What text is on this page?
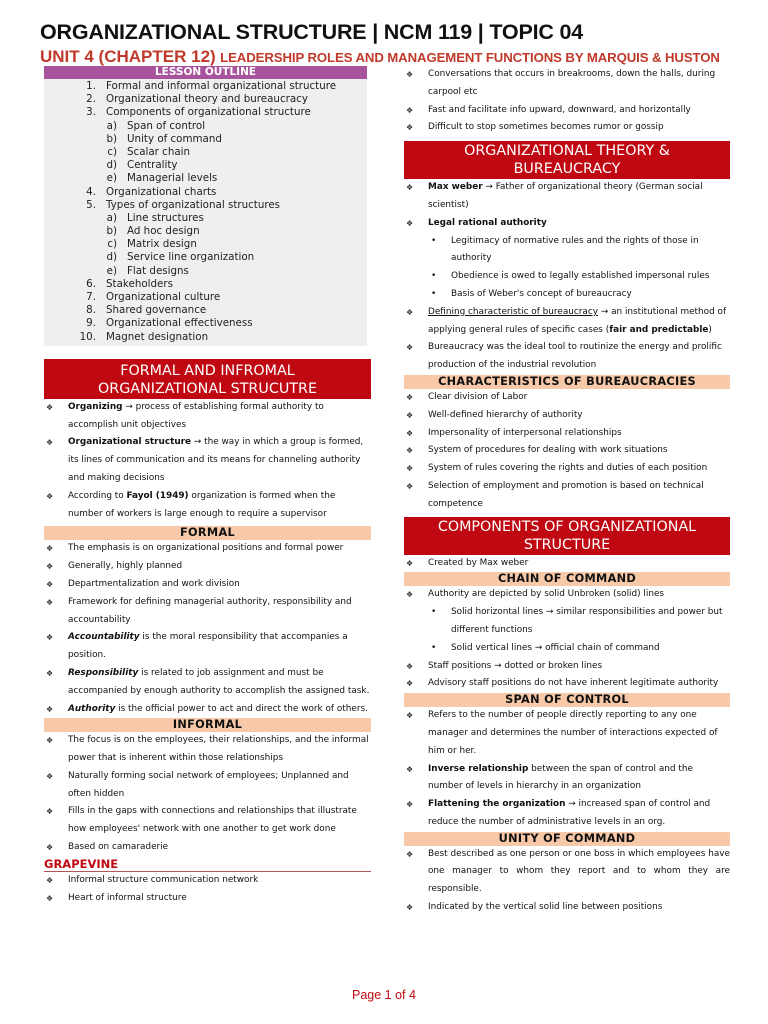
ORGANIZATIONAL STRUCTURE | NCM 119 | TOPIC 04
UNIT 4 (CHAPTER 12) LEADERSHIP ROLES AND MANAGEMENT FUNCTIONS BY MARQUIS & HUSTON
LESSON OUTLINE
1. Formal and informal organizational structure
2. Organizational theory and bureaucracy
3. Components of organizational structure
a) Span of control
b) Unity of command
c) Scalar chain
d) Centrality
e) Managerial levels
4. Organizational charts
5. Types of organizational structures
a) Line structures
b) Ad hoc design
c) Matrix design
d) Service line organization
e) Flat designs
6. Stakeholders
7. Organizational culture
8. Shared governance
9. Organizational effectiveness
10. Magnet designation
FORMAL AND INFROMAL ORGANIZATIONAL STRUCUTRE
❖ Organizing → process of establishing formal authority to accomplish unit objectives
❖ Organizational structure → the way in which a group is formed, its lines of communication and its means for channeling authority and making decisions
❖ According to Fayol (1949) organization is formed when the number of workers is large enough to require a supervisor
FORMAL
❖ The emphasis is on organizational positions and formal power
❖ Generally, highly planned
❖ Departmentalization and work division
❖ Framework for defining managerial authority, responsibility and accountability
❖ Accountability is the moral responsibility that accompanies a position.
❖ Responsibility is related to job assignment and must be accompanied by enough authority to accomplish the assigned task.
❖ Authority is the official power to act and direct the work of others.
INFORMAL
❖ The focus is on the employees, their relationships, and the informal power that is inherent within those relationships
❖ Naturally forming social network of employees; Unplanned and often hidden
❖ Fills in the gaps with connections and relationships that illustrate how employees' network with one another to get work done
❖ Based on camaraderie
GRAPEVINE
❖ Informal structure communication network
❖ Heart of informal structure
❖ Conversations that occurs in breakrooms, down the halls, during carpool etc
❖ Fast and facilitate info upward, downward, and horizontally
❖ Difficult to stop sometimes becomes rumor or gossip
ORGANIZATIONAL THEORY & BUREAUCRACY
❖ Max weber → Father of organizational theory (German social scientist)
❖ Legal rational authority
• Legitimacy of normative rules and the rights of those in authority
• Obedience is owed to legally established impersonal rules
• Basis of Weber's concept of bureaucracy
❖ Defining characteristic of bureaucracy → an institutional method of applying general rules of specific cases (fair and predictable)
❖ Bureaucracy was the ideal tool to routinize the energy and prolific production of the industrial revolution
CHARACTERISTICS OF BUREAUCRACIES
❖ Clear division of Labor
❖ Well-defined hierarchy of authority
❖ Impersonality of interpersonal relationships
❖ System of procedures for dealing with work situations
❖ System of rules covering the rights and duties of each position
❖ Selection of employment and promotion is based on technical competence
COMPONENTS OF ORGANIZATIONAL STRUCTURE
❖ Created by Max weber
CHAIN OF COMMAND
❖ Authority are depicted by solid Unbroken (solid) lines
• Solid horizontal lines → similar responsibilities and power but different functions
• Solid vertical lines → official chain of command
❖ Staff positions → dotted or broken lines
❖ Advisory staff positions do not have inherent legitimate authority
SPAN OF CONTROL
❖ Refers to the number of people directly reporting to any one manager and determines the number of interactions expected of him or her.
❖ Inverse relationship between the span of control and the number of levels in hierarchy in an organization
❖ Flattening the organization → increased span of control and reduce the number of administrative levels in an org.
UNITY OF COMMAND
❖ Best described as one person or one boss in which employees have one manager to whom they report and to whom they are responsible.
❖ Indicated by the vertical solid line between positions
Page 1 of 4
